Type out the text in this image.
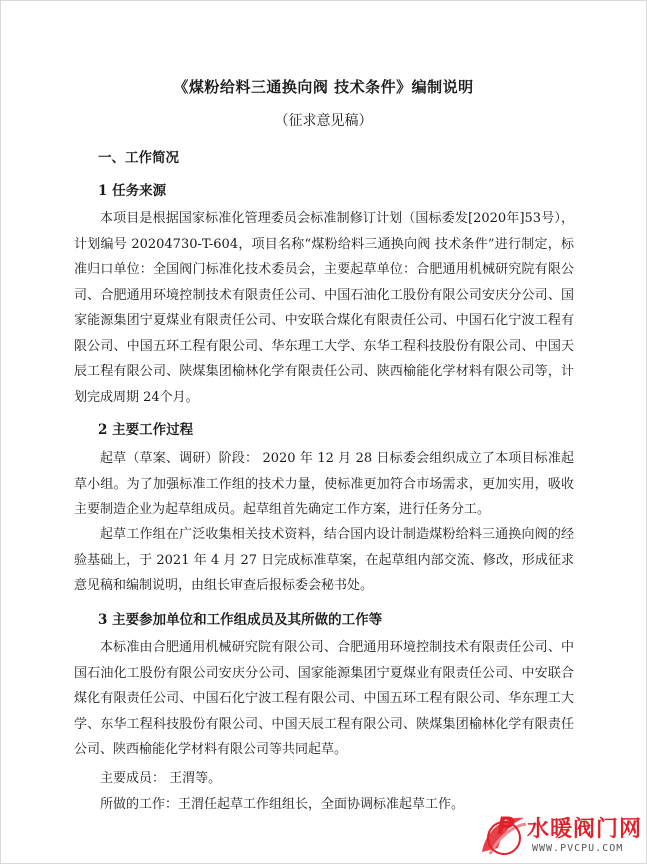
《煤粉给料三通换向阀 技术条件》编制说明
（征求意见稿）
一、工作简况
1 任务来源

本项目是根据国家标准化管理委员会标准制修订计划（国标委发[2020年]53号），计划编号 20204730-T-604，项目名称“煤粉给料三通换向阀 技术条件”进行制定，标准归口单位：全国阀门标准化技术委员会，主要起草单位：合肥通用机械研究院有限公司、合肥通用环境控制技术有限责任公司、中国石油化工股份有限公司安庆分公司、国家能源集团宁夏煤业有限责任公司、中安联合煤化有限责任公司、中国石化宁波工程有限公司、中国五环工程有限公司、华东理工大学、东华工程科技股份有限公司、中国天辰工程有限公司、陕煤集团榆林化学有限责任公司、陕西榆能化学材料有限公司等，计划完成周期 24个月。

2 主要工作过程

起草（草案、调研）阶段： 2020 年 12 月 28 日标委会组织成立了本项目标准起草小组。为了加强标准工作组的技术力量，使标准更加符合市场需求，更加实用，吸收主要制造企业为起草组成员。起草组首先确定工作方案，进行任务分工。

起草工作组在广泛收集相关技术资料，结合国内设计制造煤粉给料三通换向阀的经验基础上，于 2021 年 4 月 27 日完成标准草案，在起草组内部交流、修改，形成征求意见稿和编制说明，由组长审查后报标委会秘书处。

3 主要参加单位和工作组成员及其所做的工作等

本标准由合肥通用机械研究院有限公司、合肥通用环境控制技术有限责任公司、中国石油化工股份有限公司安庆分公司、国家能源集团宁夏煤业有限责任公司、中安联合煤化有限责任公司、中国石化宁波工程有限公司、中国五环工程有限公司、华东理工大学、东华工程科技股份有限公司、中国天辰工程有限公司、陕煤集团榆林化学有限责任公司、陕西榆能化学材料有限公司等共同起草。

主要成员： 王渭等。
所做的工作：王渭任起草工作组组长，全面协调标准起草工作。
P 水暖阀门网
WWW.PVCPU.COM
